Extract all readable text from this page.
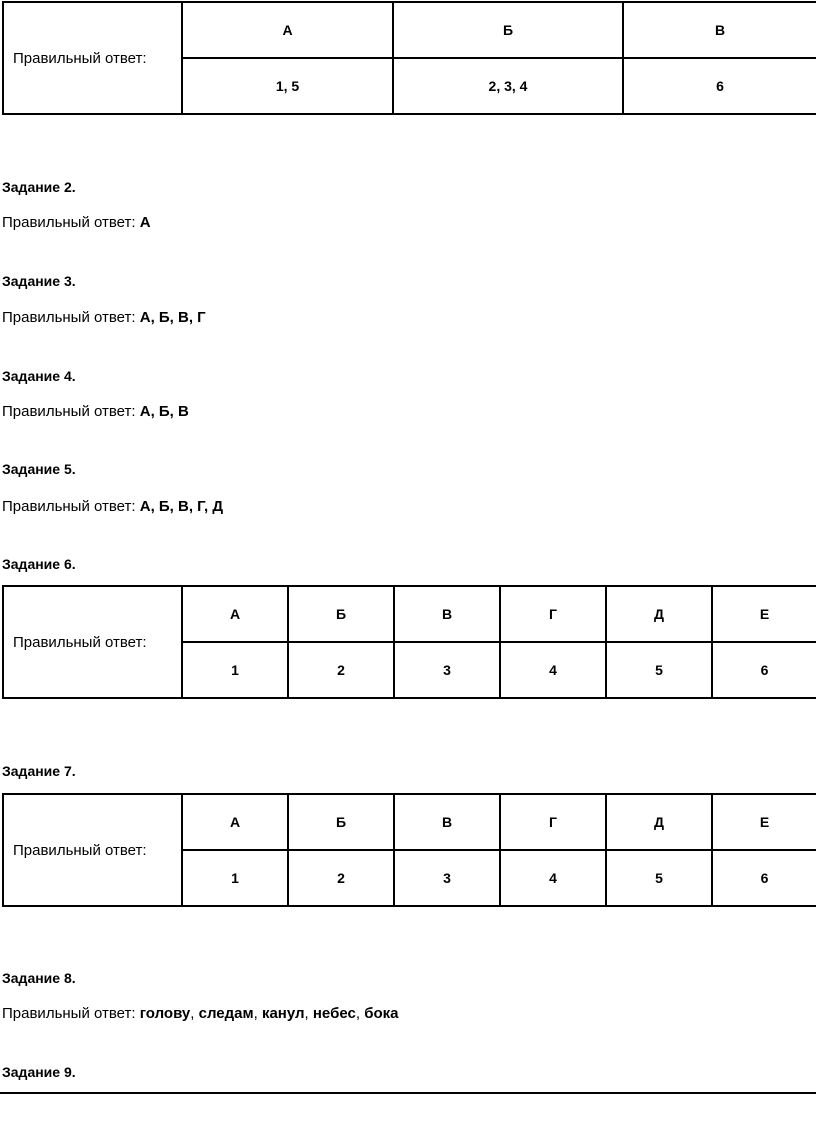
Правильный ответ:	А	Б	В
	1, 5	2, 3, 4	6

Задание 2.

Правильный ответ: А

Задание 3.

Правильный ответ: А, Б, В, Г

Задание 4.

Правильный ответ: А, Б, В

Задание 5.

Правильный ответ: А, Б, В, Г, Д

Задание 6.

Правильный ответ:	А	Б	В	Г	Д	Е
	1	2	3	4	5	6

Задание 7.

Правильный ответ:	А	Б	В	Г	Д	Е
	1	2	3	4	5	6

Задание 8.

Правильный ответ: голову, следам, канул, небес, бока

Задание 9.
